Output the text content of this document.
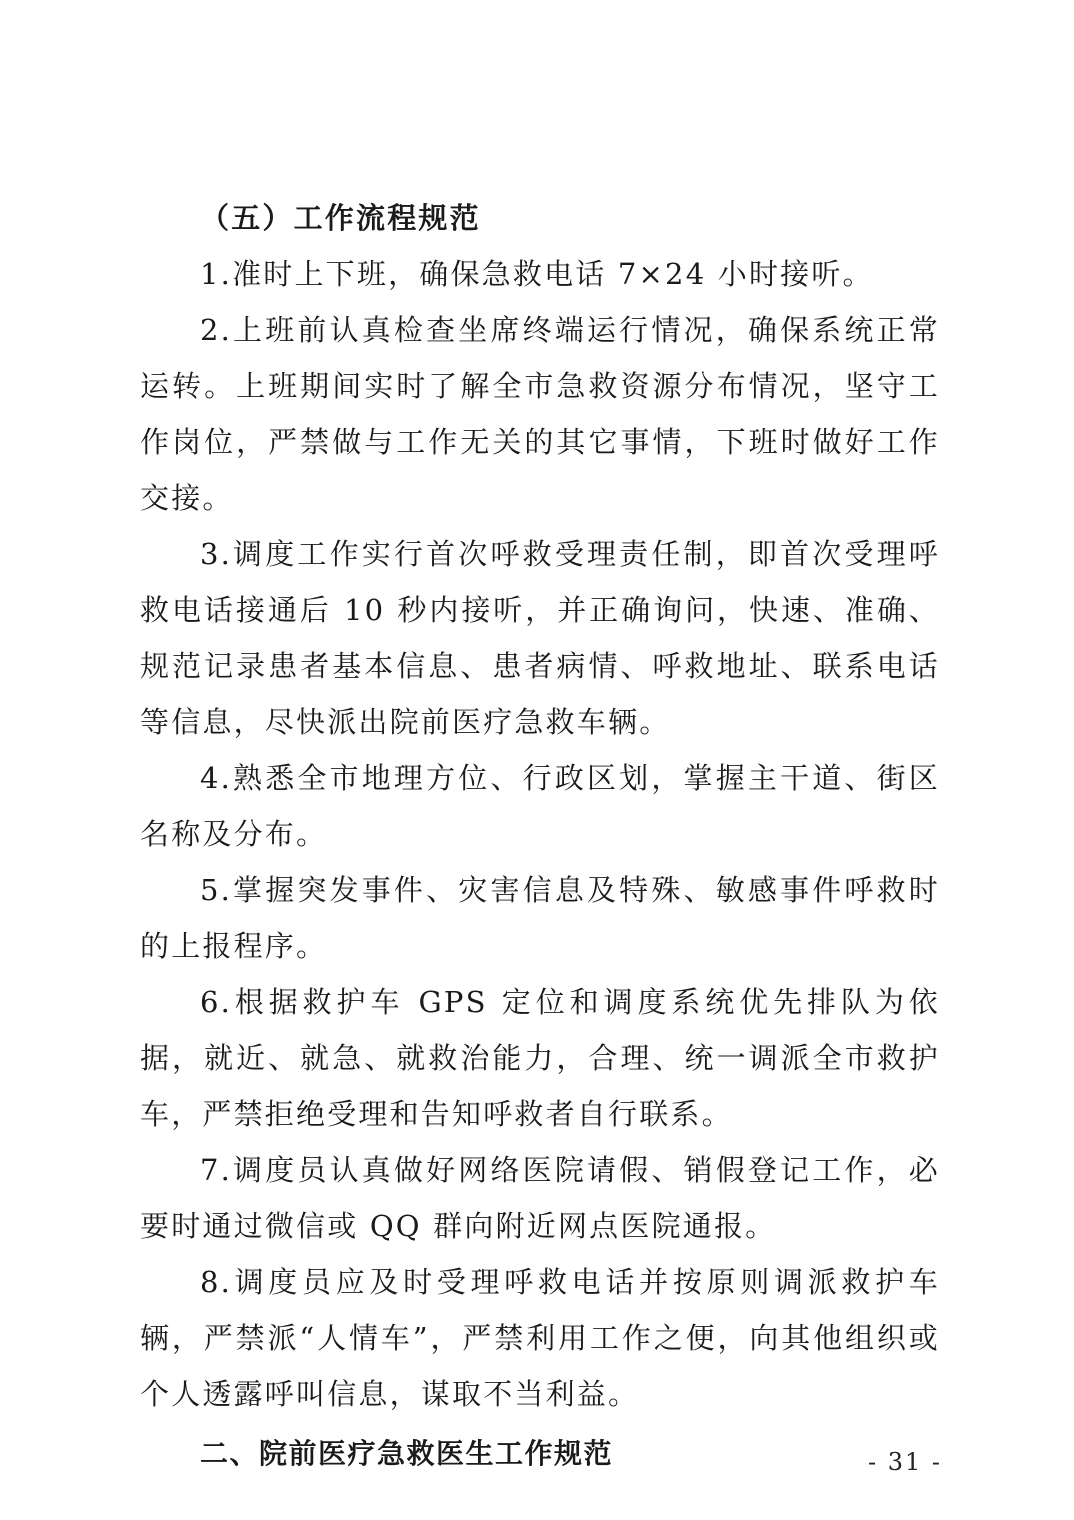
（五）工作流程规范

1.准时上下班，确保急救电话 7×24 小时接听。

2.上班前认真检查坐席终端运行情况，确保系统正常运转。上班期间实时了解全市急救资源分布情况，坚守工作岗位，严禁做与工作无关的其它事情，下班时做好工作交接。

3.调度工作实行首次呼救受理责任制，即首次受理呼救电话接通后 10 秒内接听，并正确询问，快速、准确、规范记录患者基本信息、患者病情、呼救地址、联系电话等信息，尽快派出院前医疗急救车辆。

4.熟悉全市地理方位、行政区划，掌握主干道、街区名称及分布。

5.掌握突发事件、灾害信息及特殊、敏感事件呼救时的上报程序。

6.根据救护车 GPS 定位和调度系统优先排队为依据，就近、就急、就救治能力，合理、统一调派全市救护车，严禁拒绝受理和告知呼救者自行联系。

7.调度员认真做好网络医院请假、销假登记工作，必要时通过微信或 QQ 群向附近网点医院通报。

8.调度员应及时受理呼救电话并按原则调派救护车辆，严禁派“人情车”，严禁利用工作之便，向其他组织或个人透露呼叫信息，谋取不当利益。

二、院前医疗急救医生工作规范	- 31 -
